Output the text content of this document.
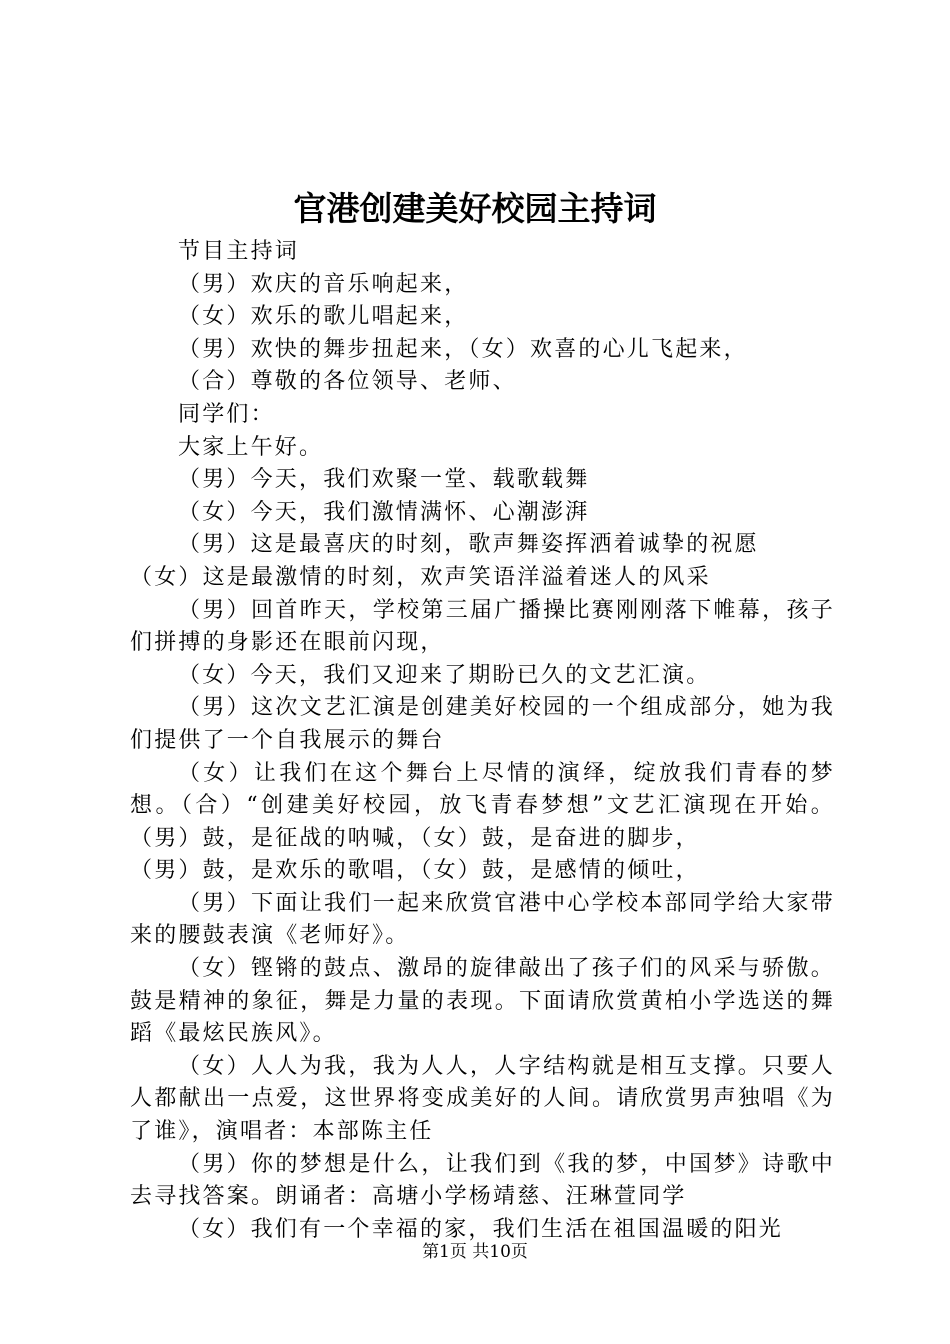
官港创建美好校园主持词

节目主持词

（男）欢庆的音乐响起来，

（女）欢乐的歌儿唱起来，

（男）欢快的舞步扭起来，（女）欢喜的心儿飞起来，

（合）尊敬的各位领导、老师、

同学们：

大家上午好。

（男）今天，我们欢聚一堂、载歌载舞

（女）今天，我们激情满怀、心潮澎湃

（男）这是最喜庆的时刻，歌声舞姿挥洒着诚挚的祝愿

（女）这是最激情的时刻，欢声笑语洋溢着迷人的风采

（男）回首昨天，学校第三届广播操比赛刚刚落下帷幕，孩子们拼搏的身影还在眼前闪现，

（女）今天，我们又迎来了期盼已久的文艺汇演。

（男）这次文艺汇演是创建美好校园的一个组成部分，她为我们提供了一个自我展示的舞台

（女）让我们在这个舞台上尽情的演绎，绽放我们青春的梦想。（合）“创建美好校园，放飞青春梦想”文艺汇演现在开始。（男）鼓，是征战的呐喊，（女）鼓，是奋进的脚步，

（男）鼓，是欢乐的歌唱，（女）鼓，是感情的倾吐，

（男）下面让我们一起来欣赏官港中心学校本部同学给大家带来的腰鼓表演《老师好》。

（女）铿锵的鼓点、激昂的旋律敲出了孩子们的风采与骄傲。鼓是精神的象征，舞是力量的表现。下面请欣赏黄柏小学选送的舞蹈《最炫民族风》。

（女）人人为我，我为人人，人字结构就是相互支撑。只要人人都献出一点爱，这世界将变成美好的人间。请欣赏男声独唱《为了谁》，演唱者：本部陈主任

（男）你的梦想是什么，让我们到《我的梦，中国梦》诗歌中去寻找答案。朗诵者：高塘小学杨靖慈、汪琳萱同学

（女）我们有一个幸福的家，我们生活在祖国温暖的阳光

第1页 共10页
